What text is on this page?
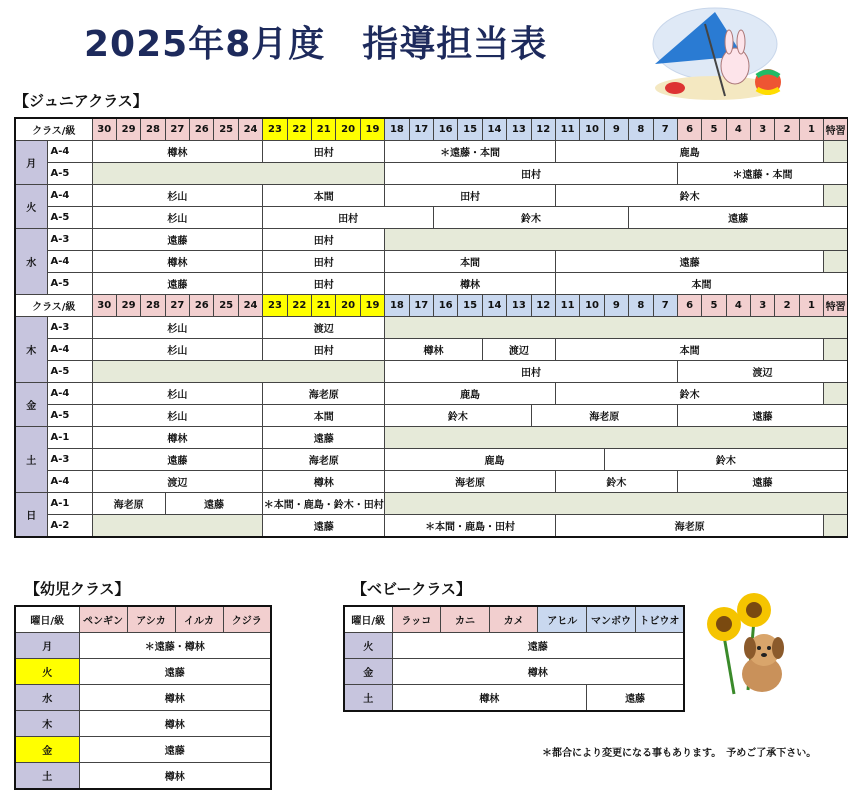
2025年8月度　指導担当表
【ジュニアクラス】
クラス/級		30	29	28	27	26	25	24	23	22	21	20	19	18	17	16	15	14	13	12	11	10	9	8	7	6	5	4	3	2	1	特習
月	A-4	樽林							田村					＊遠藤・本間							鹿島											
	A-5													田村												＊遠藤・本間						
火	A-4	杉山							本間					田村							鈴木											
	A-5	杉山							田村							鈴木								遠藤								
水	A-3	遠藤							田村																							
	A-4	樽林							田村					本間							遠藤											
	A-5	遠藤							田村					樽林							本間											
クラス/級		30	29	28	27	26	25	24	23	22	21	20	19	18	17	16	15	14	13	12	11	10	9	8	7	6	5	4	3	2	1	特習
木	A-3	杉山							渡辺																							
	A-4	杉山							田村					樽林				渡辺			本間											
	A-5													田村												渡辺						
金	A-4	杉山							海老原					鹿島							鈴木											
	A-5	杉山							本間					鈴木						海老原						遠藤						
土	A-1	樽林							遠藤																							
	A-3	遠藤							海老原					鹿島									鈴木									
	A-4	渡辺							樽林					海老原							鈴木					遠藤						
日	A-1	海老原			遠藤				＊本間・鹿島・鈴木・田村																							
	A-2								遠藤					＊本間・鹿島・田村							海老原											
【幼児クラス】
曜日/級	ペンギン	アシカ	イルカ	クジラ
月	＊遠藤・樽林			
火	遠藤			
水	樽林			
木	樽林			
金	遠藤			
土	樽林			
【ベビークラス】
曜日/級	ラッコ	カニ	カメ	アヒル	マンボウ	トビウオ
火	遠藤					
金	樽林					
土	樽林				遠藤	
＊都合により変更になる事もあります。　予めご了承下さい。
